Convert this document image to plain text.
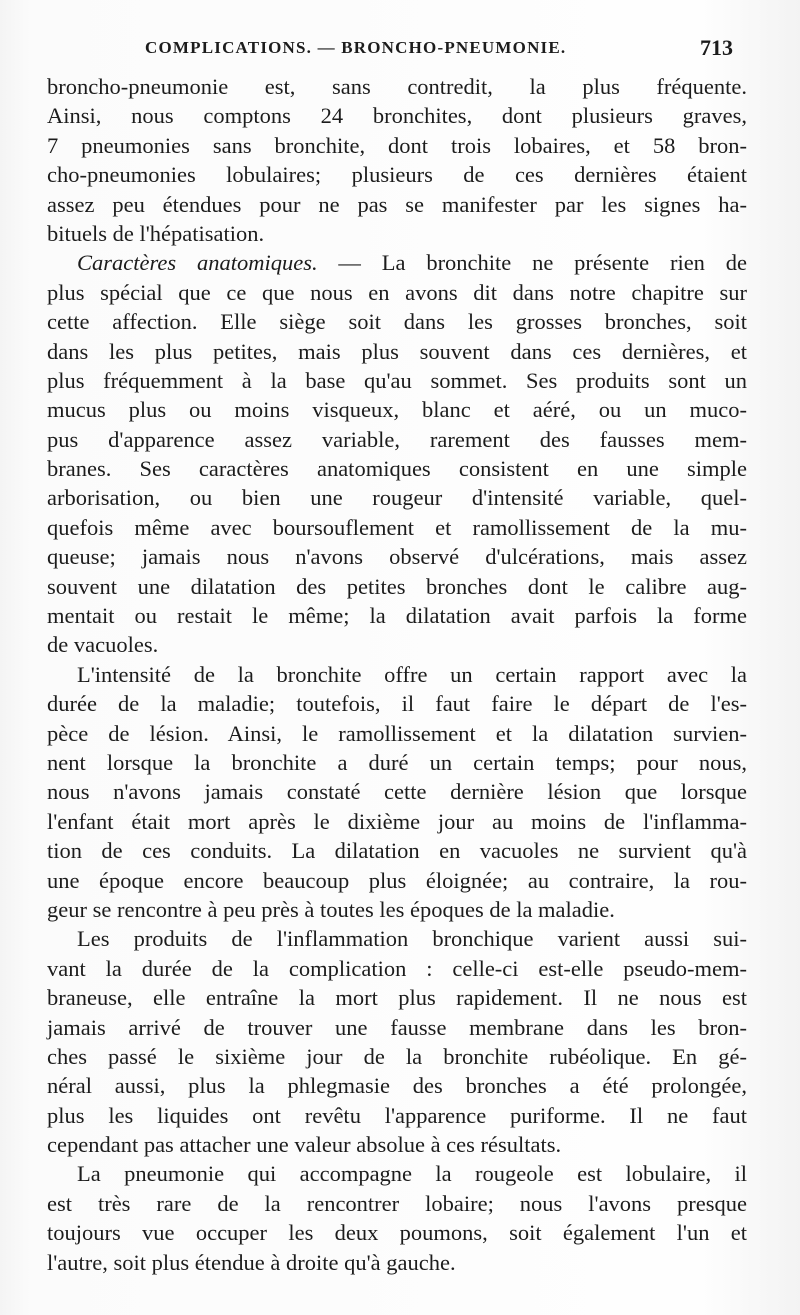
COMPLICATIONS. — BRONCHO-PNEUMONIE.	713
broncho-pneumonie est, sans contredit, la plus fréquente.
Ainsi, nous comptons 24 bronchites, dont plusieurs graves,
7 pneumonies sans bronchite, dont trois lobaires, et 58 bron-
cho-pneumonies lobulaires; plusieurs de ces dernières étaient
assez peu étendues pour ne pas se manifester par les signes ha-
bituels de l'hépatisation.
Caractères anatomiques. — La bronchite ne présente rien de
plus spécial que ce que nous en avons dit dans notre chapitre sur
cette affection. Elle siège soit dans les grosses bronches, soit
dans les plus petites, mais plus souvent dans ces dernières, et
plus fréquemment à la base qu'au sommet. Ses produits sont un
mucus plus ou moins visqueux, blanc et aéré, ou un muco-
pus d'apparence assez variable, rarement des fausses mem-
branes. Ses caractères anatomiques consistent en une simple
arborisation, ou bien une rougeur d'intensité variable, quel-
quefois même avec boursouflement et ramollissement de la mu-
queuse; jamais nous n'avons observé d'ulcérations, mais assez
souvent une dilatation des petites bronches dont le calibre aug-
mentait ou restait le même; la dilatation avait parfois la forme
de vacuoles.
L'intensité de la bronchite offre un certain rapport avec la
durée de la maladie; toutefois, il faut faire le départ de l'es-
pèce de lésion. Ainsi, le ramollissement et la dilatation survien-
nent lorsque la bronchite a duré un certain temps; pour nous,
nous n'avons jamais constaté cette dernière lésion que lorsque
l'enfant était mort après le dixième jour au moins de l'inflamma-
tion de ces conduits. La dilatation en vacuoles ne survient qu'à
une époque encore beaucoup plus éloignée; au contraire, la rou-
geur se rencontre à peu près à toutes les époques de la maladie.
Les produits de l'inflammation bronchique varient aussi sui-
vant la durée de la complication : celle-ci est-elle pseudo-mem-
braneuse, elle entraîne la mort plus rapidement. Il ne nous est
jamais arrivé de trouver une fausse membrane dans les bron-
ches passé le sixième jour de la bronchite rubéolique. En gé-
néral aussi, plus la phlegmasie des bronches a été prolongée,
plus les liquides ont revêtu l'apparence puriforme. Il ne faut
cependant pas attacher une valeur absolue à ces résultats.
La pneumonie qui accompagne la rougeole est lobulaire, il
est très rare de la rencontrer lobaire; nous l'avons presque
toujours vue occuper les deux poumons, soit également l'un et
l'autre, soit plus étendue à droite qu'à gauche.
